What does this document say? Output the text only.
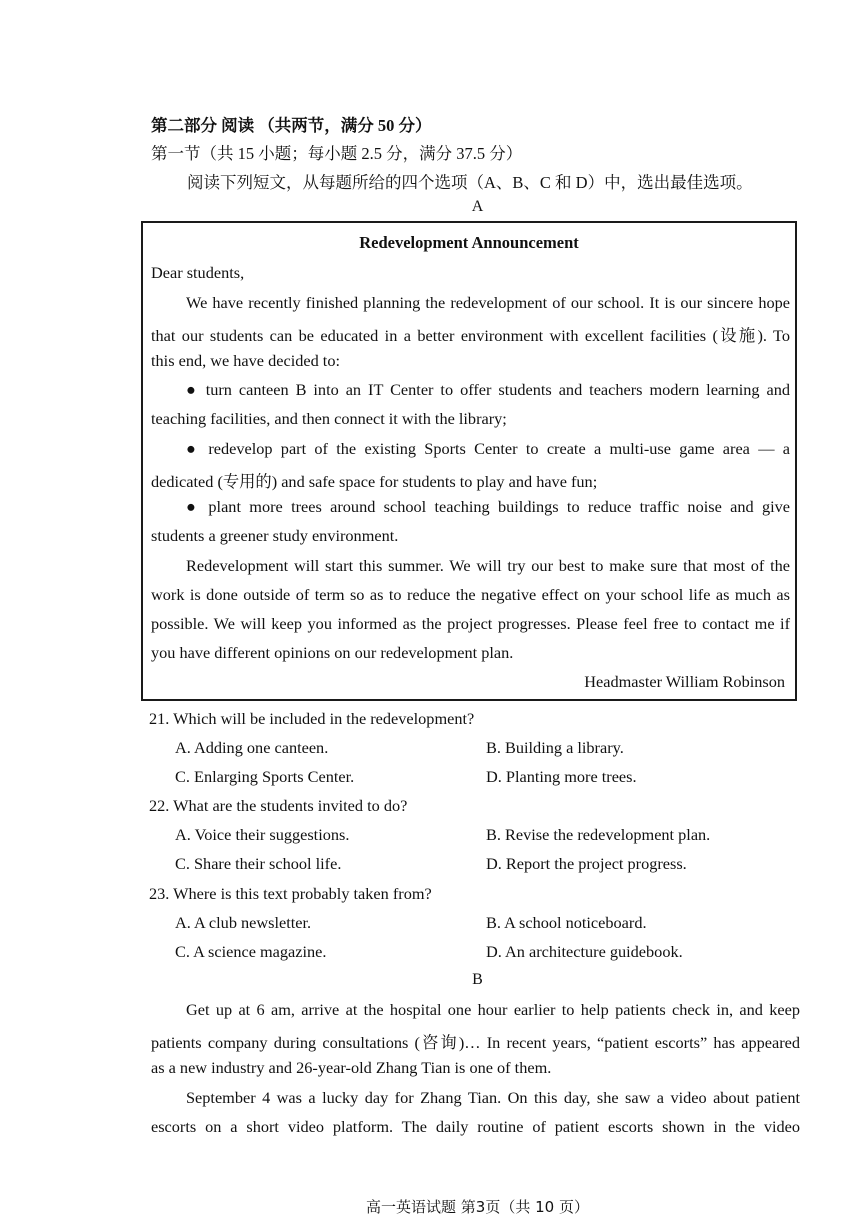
第二部分 阅读 （共两节，满分 50 分）
第一节（共 15 小题；每小题 2.5 分，满分 37.5 分）
阅读下列短文，从每题所给的四个选项（A、B、C 和 D）中，选出最佳选项。
A
Redevelopment Announcement
Dear students,
We have recently finished planning the redevelopment of our school. It is our sincere hope
that our students can be educated in a better environment with excellent facilities (设施). To
this end, we have decided to:
● turn canteen B into an IT Center to offer students and teachers modern learning and
teaching facilities, and then connect it with the library;
● redevelop part of the existing Sports Center to create a multi-use game area — a
dedicated (专用的) and safe space for students to play and have fun;
● plant more trees around school teaching buildings to reduce traffic noise and give
students a greener study environment.
Redevelopment will start this summer. We will try our best to make sure that most of the
work is done outside of term so as to reduce the negative effect on your school life as much as
possible. We will keep you informed as the project progresses. Please feel free to contact me if
you have different opinions on our redevelopment plan.
Headmaster William Robinson
21. Which will be included in the redevelopment?
A. Adding one canteen.	B. Building a library.
C. Enlarging Sports Center.	D. Planting more trees.
22. What are the students invited to do?
A. Voice their suggestions.	B. Revise the redevelopment plan.
C. Share their school life.	D. Report the project progress.
23. Where is this text probably taken from?
A. A club newsletter.	B. A school noticeboard.
C. A science magazine.	D. An architecture guidebook.
B
Get up at 6 am, arrive at the hospital one hour earlier to help patients check in, and keep
patients company during consultations (咨询)… In recent years, “patient escorts” has appeared
as a new industry and 26-year-old Zhang Tian is one of them.
September 4 was a lucky day for Zhang Tian. On this day, she saw a video about patient
escorts on a short video platform. The daily routine of patient escorts shown in the video
高一英语试题 第3页（共 10 页）
